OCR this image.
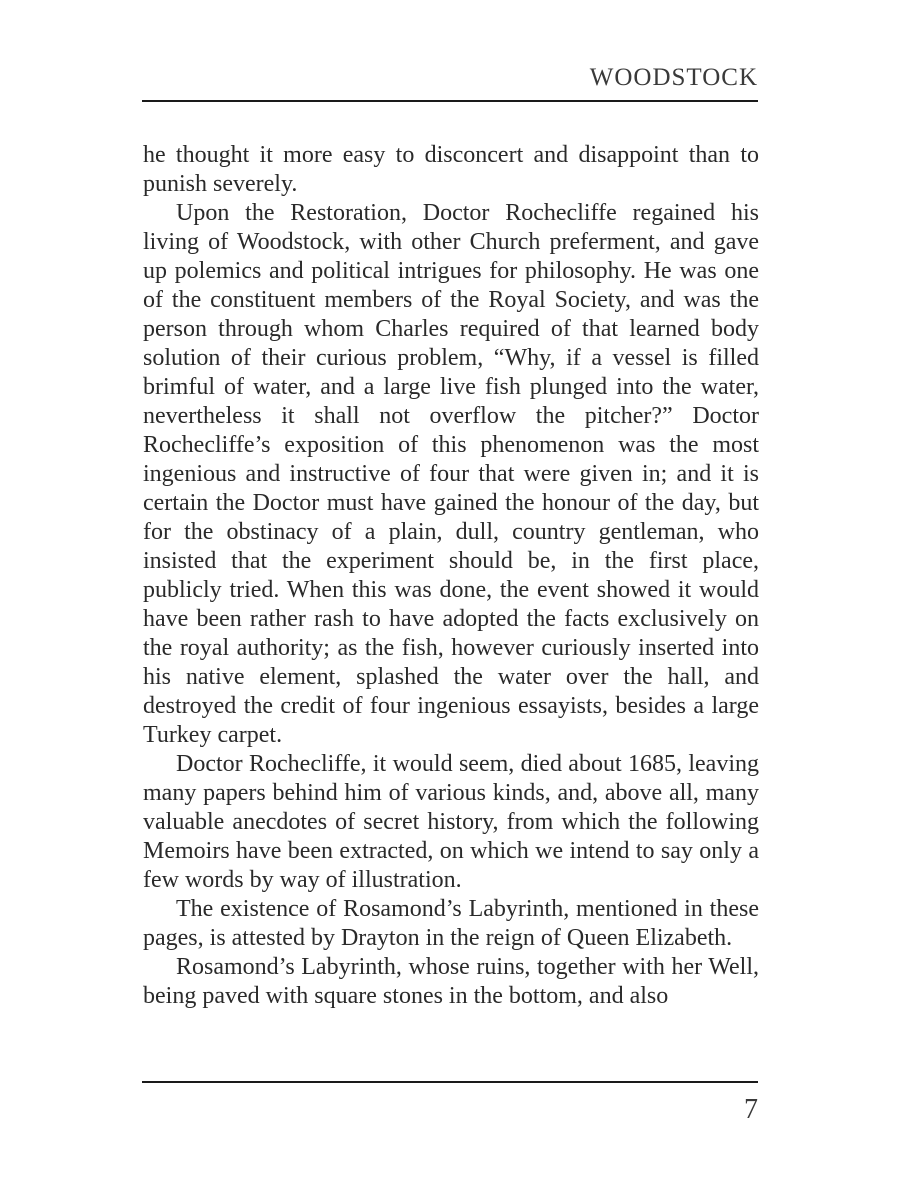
WOODSTOCK

he thought it more easy to disconcert and disappoint than to punish severely.

Upon the Restoration, Doctor Rochecliffe regained his living of Woodstock, with other Church preferment, and gave up polemics and political intrigues for philosophy. He was one of the constituent members of the Royal Society, and was the person through whom Charles required of that learned body solution of their curious problem, “Why, if a vessel is filled brimful of water, and a large live fish plunged into the water, nevertheless it shall not overflow the pitcher?” Doctor Rochecliffe’s exposition of this phenomenon was the most ingenious and instructive of four that were given in; and it is certain the Doctor must have gained the honour of the day, but for the obstinacy of a plain, dull, country gentleman, who insisted that the experiment should be, in the first place, publicly tried. When this was done, the event showed it would have been rather rash to have adopted the facts exclusively on the royal authority; as the fish, however curiously inserted into his native element, splashed the water over the hall, and destroyed the credit of four ingenious essayists, besides a large Turkey carpet.

Doctor Rochecliffe, it would seem, died about 1685, leaving many papers behind him of various kinds, and, above all, many valuable anecdotes of secret history, from which the following Memoirs have been extracted, on which we intend to say only a few words by way of illustration.

The existence of Rosamond’s Labyrinth, mentioned in these pages, is attested by Drayton in the reign of Queen Elizabeth.

Rosamond’s Labyrinth, whose ruins, together with her Well, being paved with square stones in the bottom, and also

7
